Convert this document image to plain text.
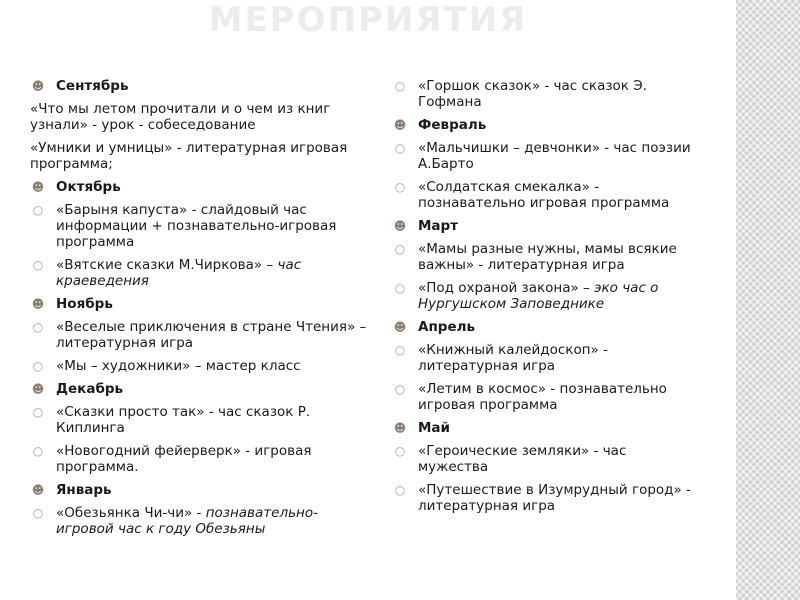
МЕРОПРИЯТИЯ
☻ Сентябрь
«Что мы летом прочитали и о чем из книг узнали» - урок - собеседование
«Умники и умницы» - литературная игровая программа;
☻ Октябрь
○ «Барыня капуста» - слайдовый час информации + познавательно-игровая программа
○ «Вятские сказки М.Чиркова» – час краеведения
☻ Ноябрь
○ «Веселые приключения в стране Чтения» – литературная игра
○ «Мы – художники» – мастер класс
☻ Декабрь
○ «Сказки просто так» - час сказок Р. Киплинга
○ «Новогодний фейерверк» - игровая программа.
☻ Январь
○ «Обезьянка Чи-чи» - познавательно-игровой час к году Обезьяны
○ «Горшок сказок» - час сказок Э. Гофмана
☻ Февраль
○ «Мальчишки – девчонки» - час поэзии А.Барто
○ «Солдатская смекалка» - познавательно игровая программа
☻ Март
○ «Мамы разные нужны, мамы всякие важны» - литературная игра
○ «Под охраной закона» – эко час о Нургушском Заповеднике
☻ Апрель
○ «Книжный калейдоскоп» - литературная игра
○ «Летим в космос» - познавательно игровая программа
☻ Май
○ «Героические земляки» - час мужества
○ «Путешествие в Изумрудный город» - литературная игра
